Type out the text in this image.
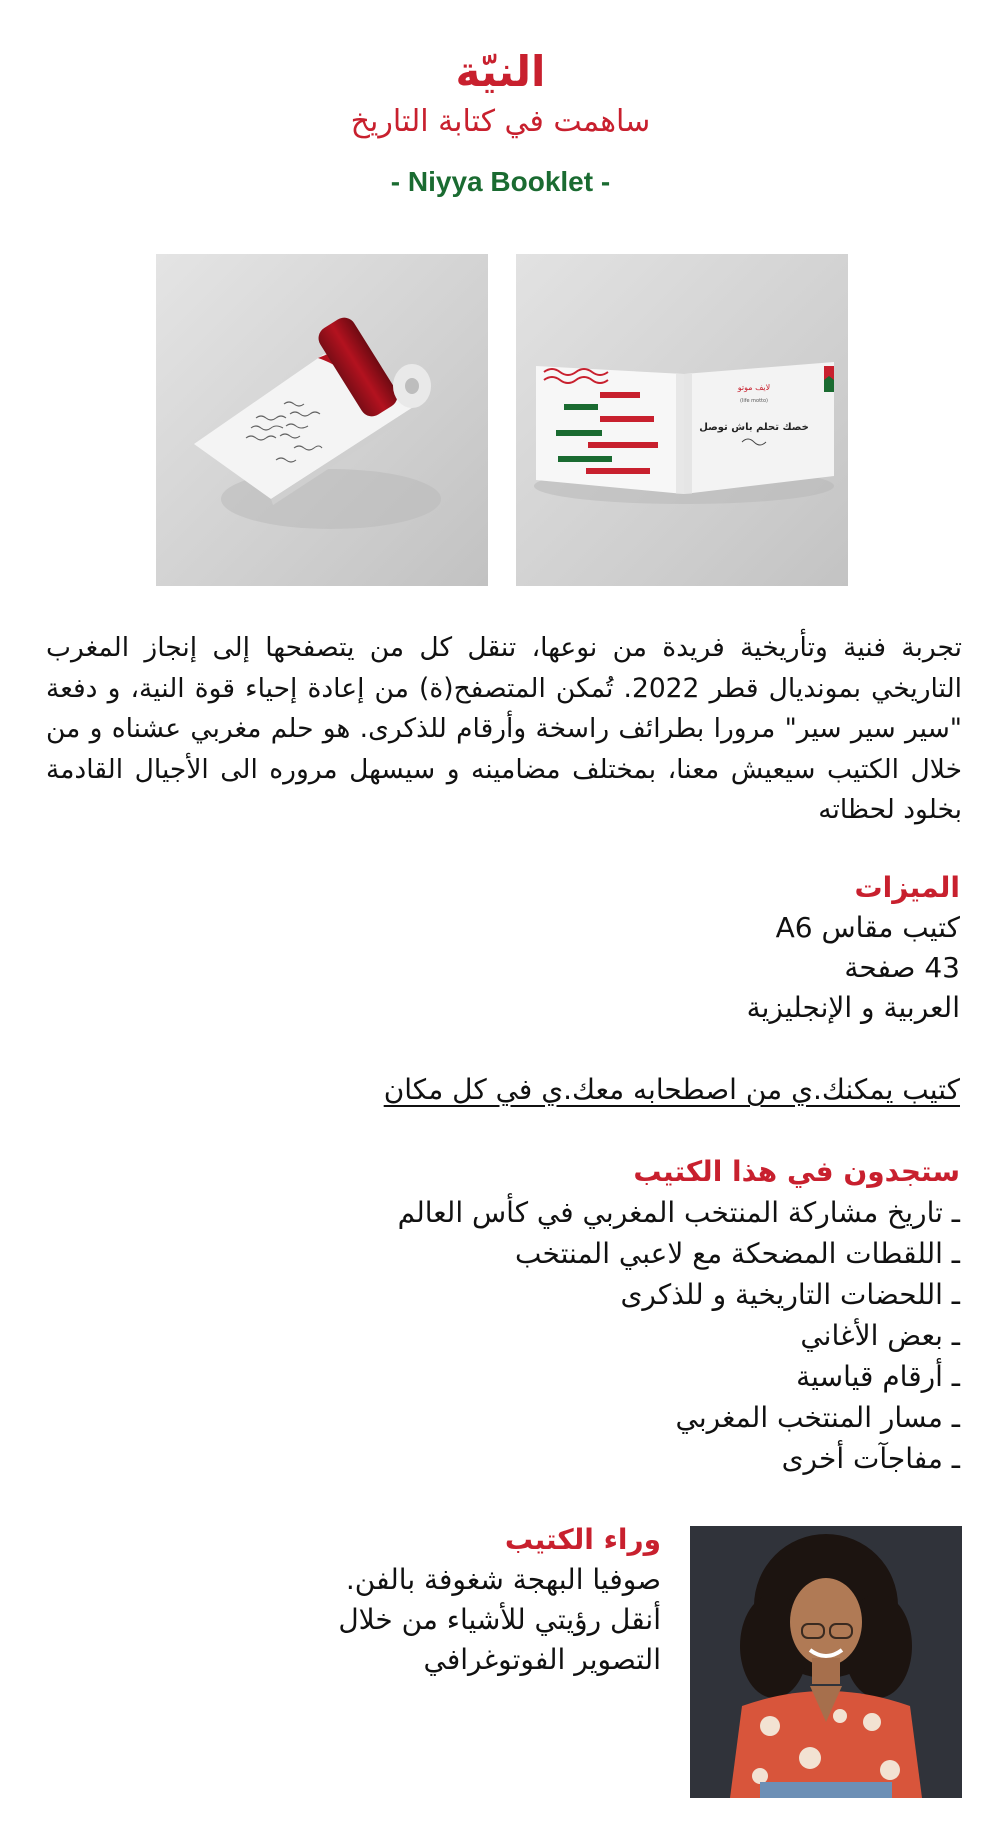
النيّة
ساهمت في كتابة التاريخ
- Niyya Booklet -
لايف موتو
(life motto)
خصك تحلم باش توصل
تجربة فنية وتأريخية فريدة من نوعها، تنقل كل من يتصفحها إلى إنجاز المغرب التاريخي بمونديال قطر 2022. تُمكن المتصفح(ة) من إعادة إحياء قوة النية، و دفعة "سير سير سير" مرورا بطرائف راسخة وأرقام للذكرى. هو حلم مغربي عشناه و من خلال الكتيب سيعيش معنا، بمختلف مضامينه و سيسهل مروره الى الأجيال القادمة بخلود لحظاته
الميزات
كتيب مقاس A6
43 صفحة
العربية و الإنجليزية
كتيب يمكنك.ي من اصطحابه معك.ي في كل مكان
ستجدون في هذا الكتيب
ـ تاريخ مشاركة المنتخب المغربي في كأس العالم
ـ اللقطات المضحكة مع لاعبي المنتخب
ـ اللحضات التاريخية و للذكرى
ـ بعض الأغاني
ـ أرقام قياسية
ـ مسار المنتخب المغربي
ـ مفاجآت أخرى
وراء الكتيب
صوفيا البهجة شغوفة بالفن.
أنقل رؤيتي للأشياء من خلال
التصوير الفوتوغرافي
